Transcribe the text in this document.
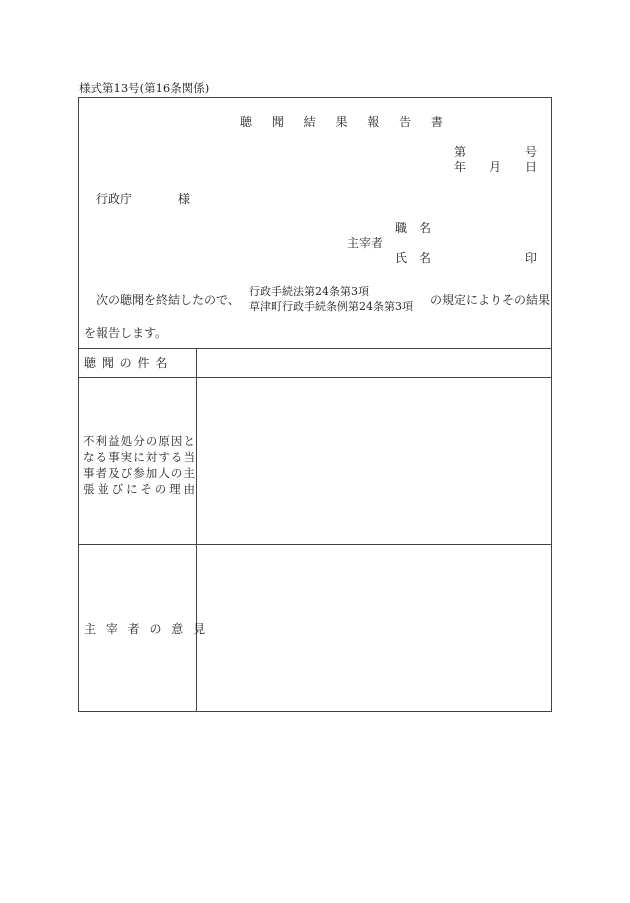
様式第13号(第16条関係)
聴 聞 結 果 報 告 書
第	号
年 月 日
行政庁	様
職　名
主宰者
氏　名	印
次の聴聞を終結したので、
行政手続法第24条第3項
草津町行政手続条例第24条第3項 の規定によりその結果
を報告します。
聴 聞 の 件 名
不利益処分の原因と
なる事実に対する当
事者及び参加人の主
張並びにその理由
主 宰 者 の 意 見
